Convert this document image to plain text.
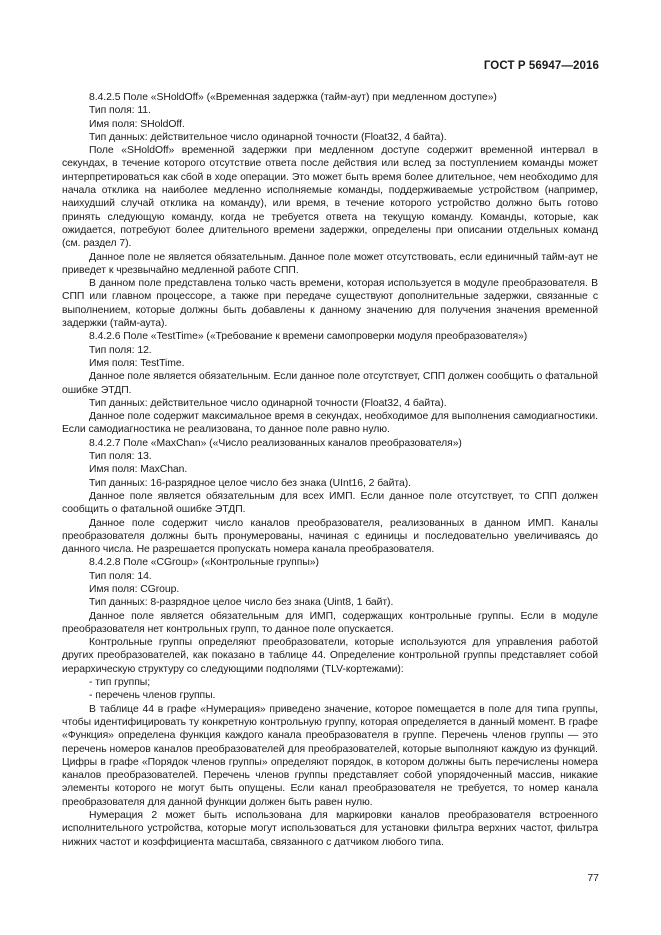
ГОСТ Р 56947—2016

8.4.2.5 Поле «SHoldOff» («Временная задержка (тайм-аут) при медленном доступе»)

Тип поля: 11.

Имя поля: SHoldOff.

Тип данных: действительное число одинарной точности (Float32, 4 байта).

Поле «SHoldOff» временной задержки при медленном доступе содержит временной интервал в секундах, в течение которого отсутствие ответа после действия или вслед за поступлением команды может интерпретироваться как сбой в ходе операции. Это может быть время более длительное, чем необходимо для начала отклика на наиболее медленно исполняемые команды, поддерживаемые устройством (например, наихудший случай отклика на команду), или время, в течение которого устройство должно быть готово принять следующую команду, когда не требуется ответа на текущую команду. Команды, которые, как ожидается, потребуют более длительного времени задержки, определены при описании отдельных команд (см. раздел 7).

Данное поле не является обязательным. Данное поле может отсутствовать, если единичный тайм-аут не приведет к чрезвычайно медленной работе СПП.

В данном поле представлена только часть времени, которая используется в модуле преобразователя. В СПП или главном процессоре, а также при передаче существуют дополнительные задержки, связанные с выполнением, которые должны быть добавлены к данному значению для получения значения временной задержки (тайм-аута).

8.4.2.6 Поле «TestTime» («Требование к времени самопроверки модуля преобразователя»)

Тип поля: 12.

Имя поля: TestTime.

Данное поле является обязательным. Если данное поле отсутствует, СПП должен сообщить о фатальной ошибке ЭТДП.

Тип данных: действительное число одинарной точности (Float32, 4 байта).

Данное поле содержит максимальное время в секундах, необходимое для выполнения самодиагностики. Если самодиагностика не реализована, то данное поле равно нулю.

8.4.2.7 Поле «MaxChan» («Число реализованных каналов преобразователя»)

Тип поля: 13.

Имя поля: MaxChan.

Тип данных: 16-разрядное целое число без знака (UInt16, 2 байта).

Данное поле является обязательным для всех ИМП. Если данное поле отсутствует, то СПП должен сообщить о фатальной ошибке ЭТДП.

Данное поле содержит число каналов преобразователя, реализованных в данном ИМП. Каналы преобразователя должны быть пронумерованы, начиная с единицы и последовательно увеличиваясь до данного числа. Не разрешается пропускать номера канала преобразователя.

8.4.2.8 Поле «CGroup» («Контрольные группы»)

Тип поля: 14.

Имя поля: CGroup.

Тип данных: 8-разрядное целое число без знака (Uint8, 1 байт).

Данное поле является обязательным для ИМП, содержащих контрольные группы. Если в модуле преобразователя нет контрольных групп, то данное поле опускается.

Контрольные группы определяют преобразователи, которые используются для управления работой других преобразователей, как показано в таблице 44. Определение контрольной группы представляет собой иерархическую структуру со следующими подполями (TLV-кортежами):

- тип группы;

- перечень членов группы.

В таблице 44 в графе «Нумерация» приведено значение, которое помещается в поле для типа группы, чтобы идентифицировать ту конкретную контрольную группу, которая определяется в данный момент. В графе «Функция» определена функция каждого канала преобразователя в группе. Перечень членов группы — это перечень номеров каналов преобразователей для преобразователей, которые выполняют каждую из функций. Цифры в графе «Порядок членов группы» определяют порядок, в котором должны быть перечислены номера каналов преобразователей. Перечень членов группы представляет собой упорядоченный массив, никакие элементы которого не могут быть опущены. Если канал преобразователя не требуется, то номер канала преобразователя для данной функции должен быть равен нулю.

Нумерация 2 может быть использована для маркировки каналов преобразователя встроенного исполнительного устройства, которые могут использоваться для установки фильтра верхних частот, фильтра нижних частот и коэффициента масштаба, связанного с датчиком любого типа.

77
